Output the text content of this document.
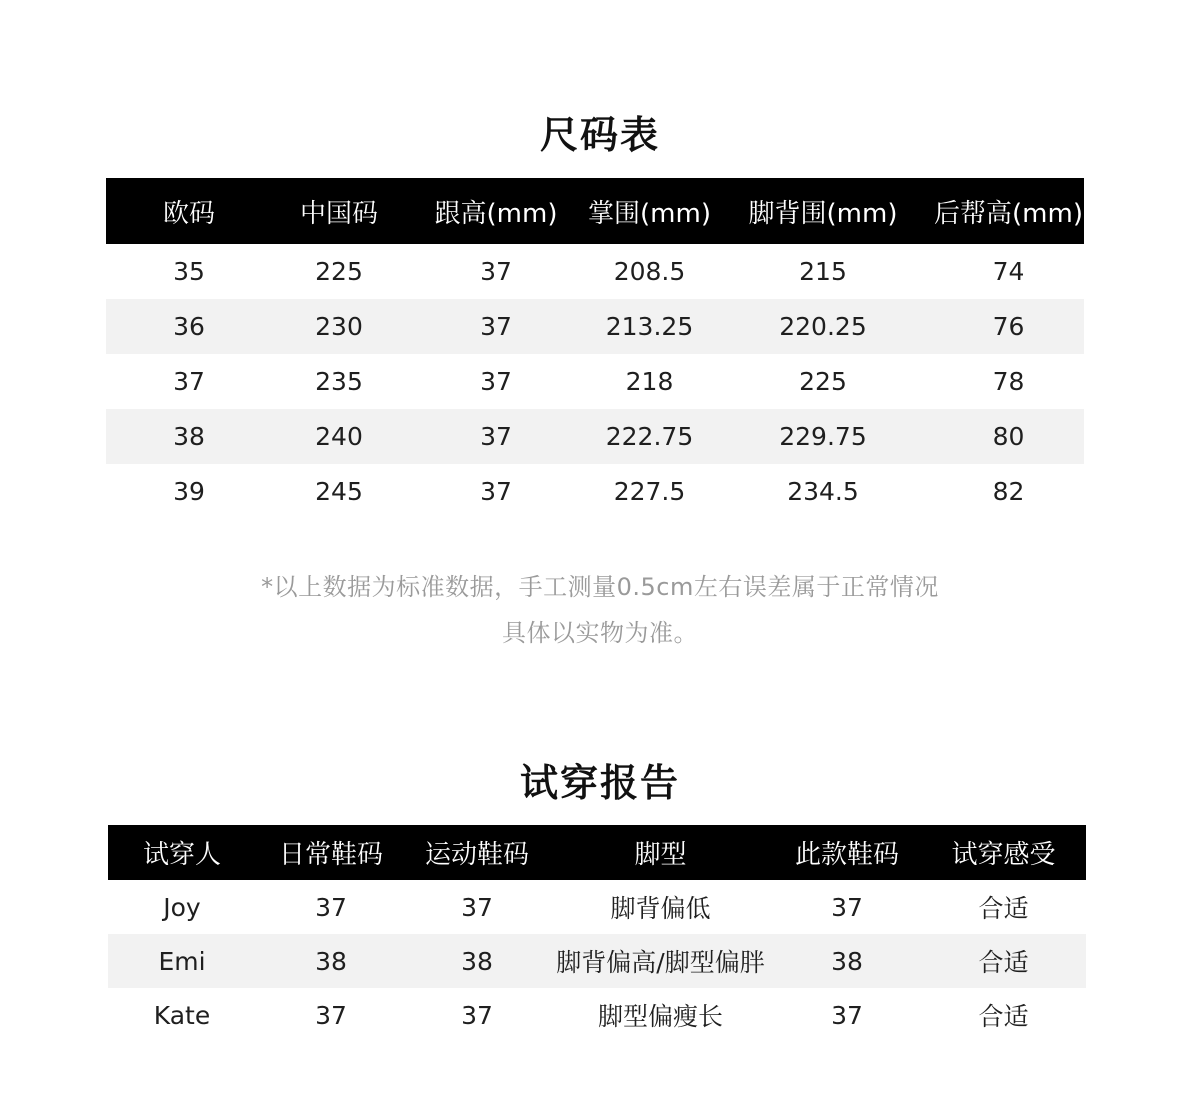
尺码表
欧码	中国码	跟高(mm)	掌围(mm)	脚背围(mm)	后帮高(mm)
35	225	37	208.5	215	74
36	230	37	213.25	220.25	76
37	235	37	218	225	78
38	240	37	222.75	229.75	80
39	245	37	227.5	234.5	82
*以上数据为标准数据，手工测量0.5cm左右误差属于正常情况
具体以实物为准。
试穿报告
试穿人	日常鞋码	运动鞋码	脚型	此款鞋码	试穿感受
Joy	37	37	脚背偏低	37	合适
Emi	38	38	脚背偏高/脚型偏胖	38	合适
Kate	37	37	脚型偏瘦长	37	合适
